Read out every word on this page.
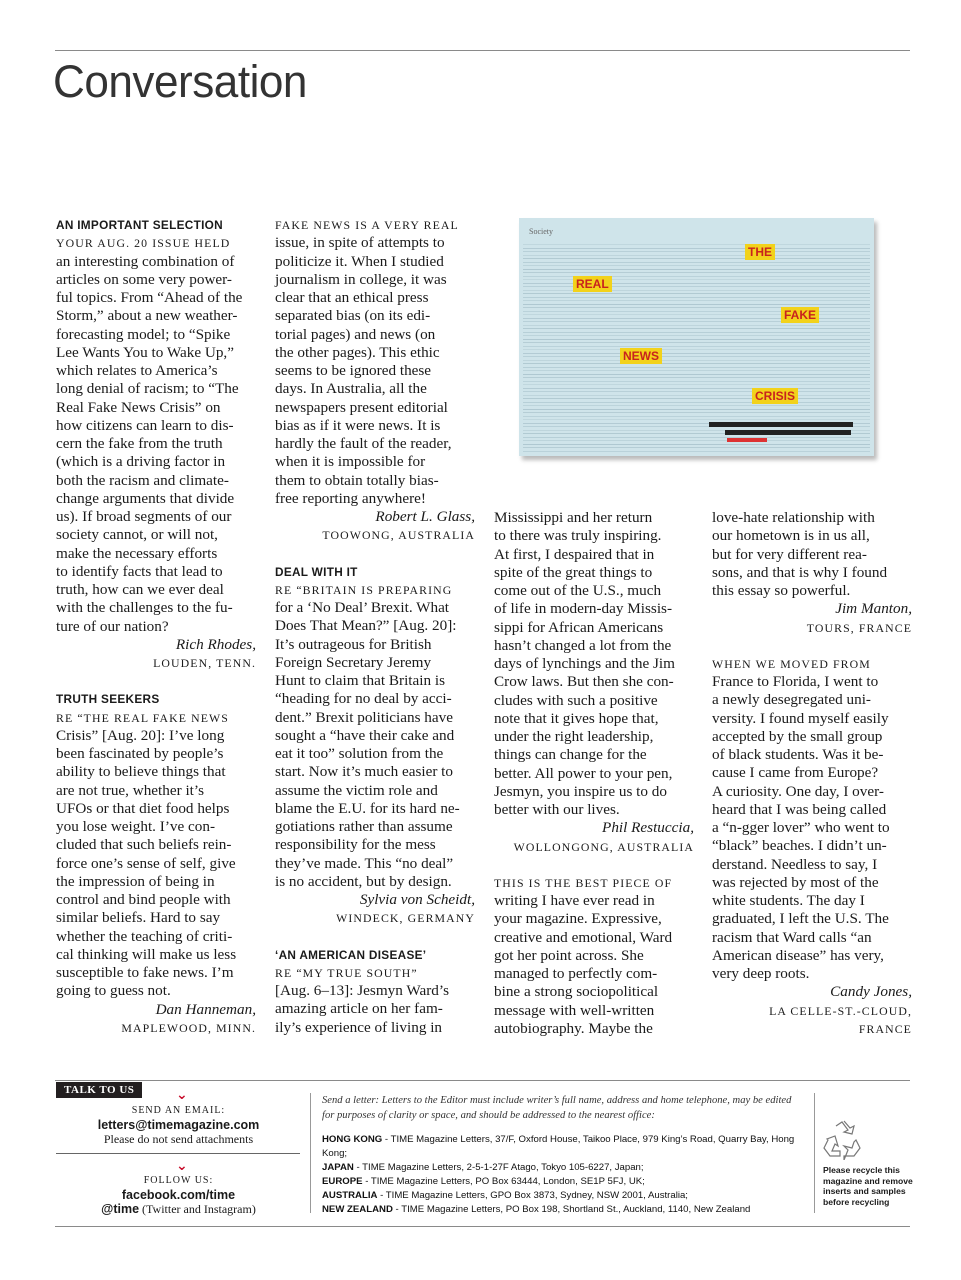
Conversation
AN IMPORTANT SELECTION
YOUR AUG. 20 ISSUE HELD

an interesting combination of
articles on some very power-
ful topics. From “Ahead of the
Storm,” about a new weather-
forecasting model; to “Spike
Lee Wants You to Wake Up,”
which relates to America’s
long denial of racism; to “The
Real Fake News Crisis” on
how citizens can learn to dis-
cern the fake from the truth
(which is a driving factor in
both the racism and climate-
change arguments that divide
us). If broad segments of our
society cannot, or will not,
make the necessary efforts
to identify facts that lead to
truth, how can we ever deal
with the challenges to the fu-
ture of our nation?

Rich Rhodes,
LOUDEN, TENN.
TRUTH SEEKERS
RE “THE REAL FAKE NEWS

Crisis” [Aug. 20]: I’ve long
been fascinated by people’s
ability to believe things that
are not true, whether it’s
UFOs or that diet food helps
you lose weight. I’ve con-
cluded that such beliefs rein-
force one’s sense of self, give
the impression of being in
control and bind people with
similar beliefs. Hard to say
whether the teaching of criti-
cal thinking will make us less
susceptible to fake news. I’m
going to guess not.

Dan Hanneman,
MAPLEWOOD, MINN.
FAKE NEWS IS A VERY REAL

issue, in spite of attempts to
politicize it. When I studied
journalism in college, it was
clear that an ethical press
separated bias (on its edi-
torial pages) and news (on
the other pages). This ethic
seems to be ignored these
days. In Australia, all the
newspapers present editorial
bias as if it were news. It is
hardly the fault of the reader,
when it is impossible for
them to obtain totally bias-
free reporting anywhere!

Robert L. Glass,
TOOWONG, AUSTRALIA
DEAL WITH IT
RE “BRITAIN IS PREPARING

for a ‘No Deal’ Brexit. What
Does That Mean?” [Aug. 20]:
It’s outrageous for British
Foreign Secretary Jeremy
Hunt to claim that Britain is
“heading for no deal by acci-
dent.” Brexit politicians have
sought a “have their cake and
eat it too” solution from the
start. Now it’s much easier to
assume the victim role and
blame the E.U. for its hard ne-
gotiations rather than assume
responsibility for the mess
they’ve made. This “no deal”
is no accident, but by design.

Sylvia von Scheidt,
WINDECK, GERMANY
‘AN AMERICAN DISEASE’
RE “MY TRUE SOUTH”

[Aug. 6–13]: Jesmyn Ward’s
amazing article on her fam-
ily’s experience of living in

Society
THE
REAL
FAKE
NEWS
CRISIS

Mississippi and her return
to there was truly inspiring.
At first, I despaired that in
spite of the great things to
come out of the U.S., much
of life in modern-day Missis-
sippi for African Americans
hasn’t changed a lot from the
days of lynchings and the Jim
Crow laws. But then she con-
cludes with such a positive
note that it gives hope that,
under the right leadership,
things can change for the
better. All power to your pen,
Jesmyn, you inspire us to do
better with our lives.

Phil Restuccia,
WOLLONGONG, AUSTRALIA
THIS IS THE BEST PIECE OF

writing I have ever read in
your magazine. Expressive,
creative and emotional, Ward
got her point across. She
managed to perfectly com-
bine a strong sociopolitical
message with well-written
autobiography. Maybe the

love-hate relationship with
our hometown is in us all,
but for very different rea-
sons, and that is why I found
this essay so powerful.

Jim Manton,
TOURS, FRANCE
WHEN WE MOVED FROM

France to Florida, I went to
a newly desegregated uni-
versity. I found myself easily
accepted by the small group
of black students. Was it be-
cause I came from Europe?
A curiosity. One day, I over-
heard that I was being called
a “n-gger lover” who went to
“black” beaches. I didn’t un-
derstand. Needless to say, I
was rejected by most of the
white students. The day I
graduated, I left the U.S. The
racism that Ward calls “an
American disease” has very,
very deep roots.

Candy Jones,
LA CELLE-ST.-CLOUD,
FRANCE
TALK TO US	⌄
SEND AN EMAIL:
letters@timemagazine.com
Please do not send attachments
⌄
FOLLOW US:
facebook.com/time
@time (Twitter and Instagram)
Send a letter: Letters to the Editor must include writer’s full name, address and home telephone, may be edited for purposes of clarity or space, and should be addressed to the nearest office:
HONG KONG - TIME Magazine Letters, 37/F, Oxford House, Taikoo Place, 979 King’s Road, Quarry Bay, Hong Kong;
JAPAN - TIME Magazine Letters, 2-5-1-27F Atago, Tokyo 105-6227, Japan;
EUROPE - TIME Magazine Letters, PO Box 63444, London, SE1P 5FJ, UK;
AUSTRALIA - TIME Magazine Letters, GPO Box 3873, Sydney, NSW 2001, Australia;
NEW ZEALAND - TIME Magazine Letters, PO Box 198, Shortland St., Auckland, 1140, New Zealand
Please recycle this magazine and remove inserts and samples before recycling
